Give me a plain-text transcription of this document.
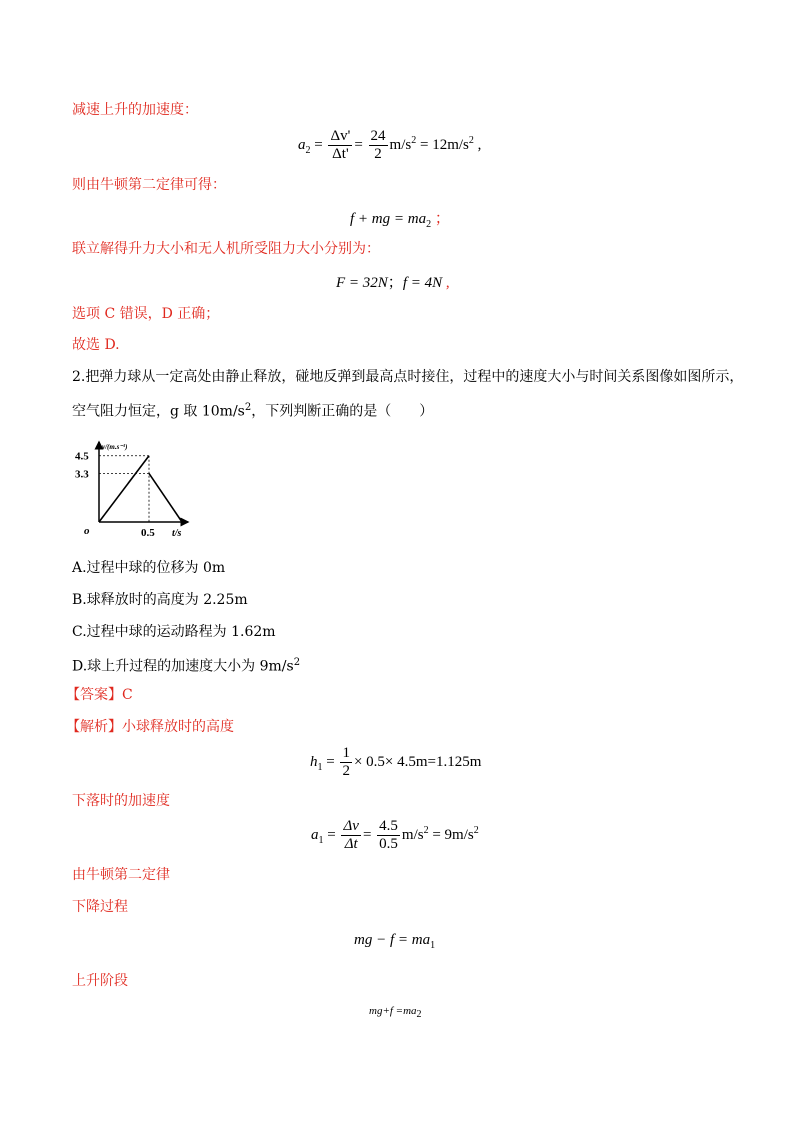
减速上升的加速度：
$a_2 = \frac{\Delta v'}{\Delta t'} = \frac{24}{2} m/s^2 = 12m/s^2$ ,
则由牛顿第二定律可得：
f + mg = $ma_2$ ；
联立解得升力大小和无人机所受阻力大小分别为：
F = 32N；f = 4N ,
选项 C 错误，D 正确；
故选 D.
2.把弹力球从一定高处由静止释放，碰地反弹到最高点时接住，过程中的速度大小与时间关系图像如图所示，
空气阻力恒定，g 取 $10m/s^2$，下列判断正确的是（　　）
v/(m.s⁻¹)
t/s
o
4.5
3.3
0.5
A.过程中球的位移为 0m
B.球释放时的高度为 2.25m
C.过程中球的运动路程为 1.62m
D.球上升过程的加速度大小为 $9m/s^2$
【答案】C
【解析】小球释放时的高度
$h_1 = \frac{1}{2} \times 0.5\times 4.5m=1.125m$
下落时的加速度
$a_1 = \frac{\Delta v}{\Delta t} = \frac{4.5}{0.5} m/s^2 = 9m/s^2$
由牛顿第二定律
下降过程
mg − $f = ma_1$
上升阶段
$mg+f =ma_2$
